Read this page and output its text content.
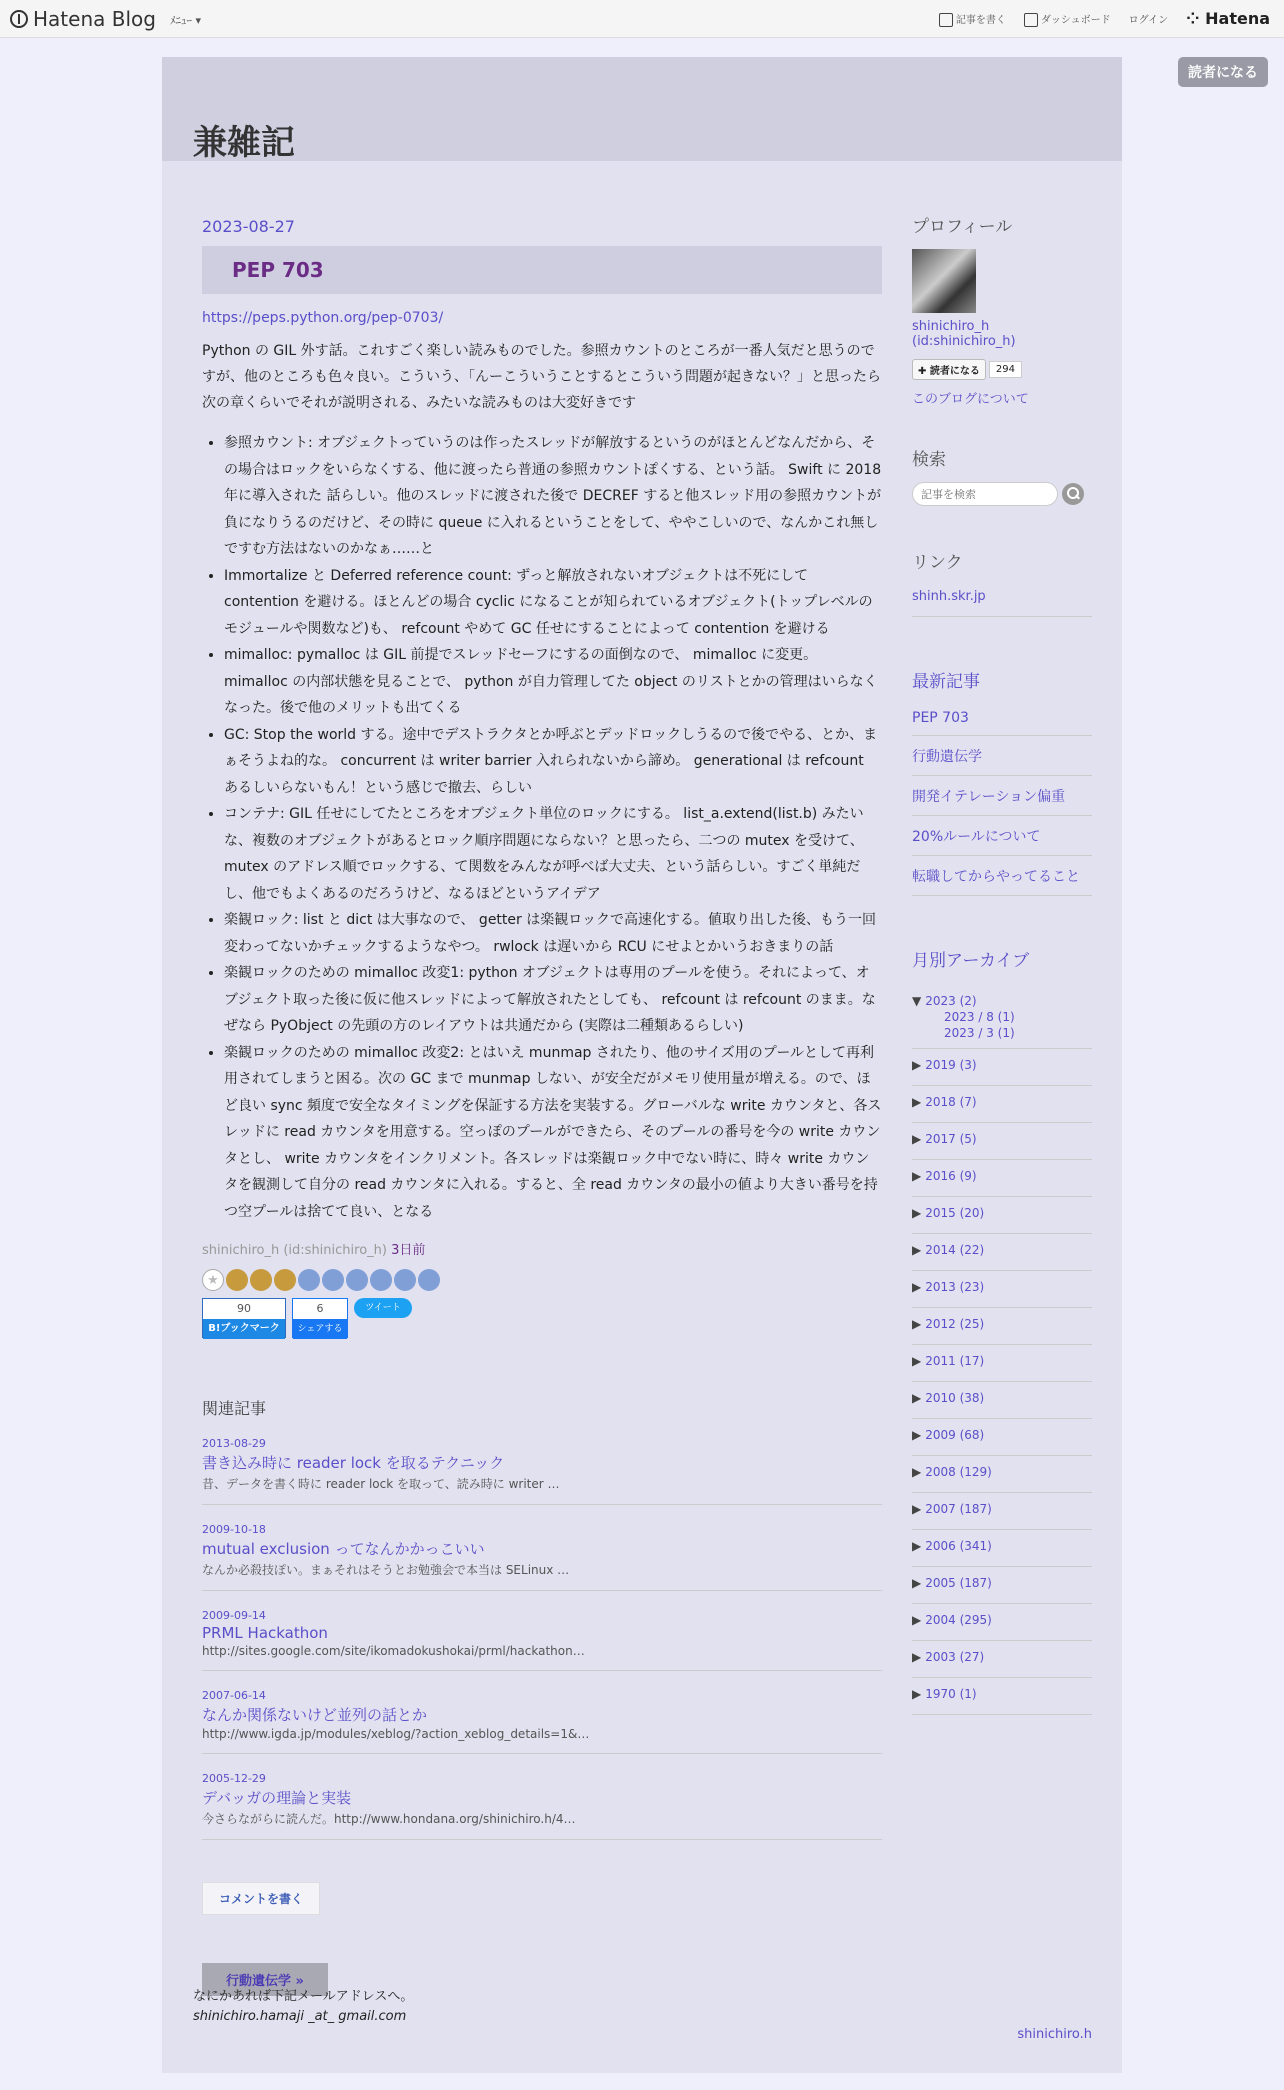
Hatena Blog ﾒﾆｭｰ ▾	記事を書く	ダッシュボード ログイン ⁘ Hatena
読者になる
兼雑記
2023-08-27
PEP 703
https://peps.python.org/pep-0703/

Python の GIL 外す話。これすごく楽しい読みものでした。参照カウントのところが一番人気だと思うのですが、他のところも色々良い。こういう、「んーこういうことするとこういう問題が起きない？」と思ったら次の章くらいでそれが説明される、みたいな読みものは大変好きです

• 参照カウント: オブジェクトっていうのは作ったスレッドが解放するというのがほとんどなんだから、その場合はロックをいらなくする、他に渡ったら普通の参照カウントぽくする、という話。 Swift に 2018 年に導入された 話らしい。他のスレッドに渡された後で DECREF すると他スレッド用の参照カウントが負になりうるのだけど、その時に queue に入れるということをして、ややこしいので、なんかこれ無しですむ方法はないのかなぁ……と
• Immortalize と Deferred reference count: ずっと解放されないオブジェクトは不死にして contention を避ける。ほとんどの場合 cyclic になることが知られているオブジェクト(トップレベルのモジュールや関数など)も、 refcount やめて GC 任せにすることによって contention を避ける
• mimalloc: pymalloc は GIL 前提でスレッドセーフにするの面倒なので、 mimalloc に変更。 mimalloc の内部状態を見ることで、 python が自力管理してた object のリストとかの管理はいらなくなった。後で他のメリットも出てくる
• GC: Stop the world する。途中でデストラクタとか呼ぶとデッドロックしうるので後でやる、とか、まぁそうよね的な。 concurrent は writer barrier 入れられないから諦め。 generational は refcount あるしいらないもん！という感じで撤去、らしい
• コンテナ: GIL 任せにしてたところをオブジェクト単位のロックにする。 list_a.extend(list.b) みたいな、複数のオブジェクトがあるとロック順序問題にならない？と思ったら、二つの mutex を受けて、 mutex のアドレス順でロックする、て関数をみんなが呼べば大丈夫、という話らしい。すごく単純だし、他でもよくあるのだろうけど、なるほどというアイデア
• 楽観ロック: list と dict は大事なので、 getter は楽観ロックで高速化する。値取り出した後、もう一回変わってないかチェックするようなやつ。 rwlock は遅いから RCU にせよとかいうおきまりの話
• 楽観ロックのための mimalloc 改変1: python オブジェクトは専用のプールを使う。それによって、オブジェクト取った後に仮に他スレッドによって解放されたとしても、 refcount は refcount のまま。なぜなら PyObject の先頭の方のレイアウトは共通だから (実際は二種類あるらしい)
• 楽観ロックのための mimalloc 改変2: とはいえ munmap されたり、他のサイズ用のプールとして再利用されてしまうと困る。次の GC まで munmap しない、が安全だがメモリ使用量が増える。ので、ほど良い sync 頻度で安全なタイミングを保証する方法を実装する。グローバルな write カウンタと、各スレッドに read カウンタを用意する。空っぽのプールができたら、そのプールの番号を今の write カウンタとし、 write カウンタをインクリメント。各スレッドは楽観ロック中でない時に、時々 write カウンタを観測して自分の read カウンタに入れる。すると、全 read カウンタの最小の値より大きい番号を持つ空プールは捨てて良い、となる
shinichiro_h (id:shinichiro_h) 3日前
★
90
B!ブックマーク
6
シェアする
ツイート
関連記事
2013-08-29
書き込み時に reader lock を取るテクニック
昔、データを書く時に reader lock を取って、読み時に writer …
2009-10-18
mutual exclusion ってなんかかっこいい
なんか必殺技ぽい。まぁそれはそうとお勉強会で本当は SELinux …
2009-09-14
PRML Hackathon
http://sites.google.com/site/ikomadokushokai/prml/hackathon…
2007-06-14
なんか関係ないけど並列の話とか
http://www.igda.jp/modules/xeblog/?action_xeblog_details=1&…
2005-12-29
デバッガの理論と実装
今さらながらに読んだ。http://www.hondana.org/shinichiro.h/4…
コメントを書く
行動遺伝学 »
なにかあれば下記メールアドレスへ。
shinichiro.hamaji _at_ gmail.com
shinichiro.h
プロフィール
shinichiro_h (id:shinichiro_h)
✚ 読者になる	294
このブログについて
検索
記事を検索
リンク
shinh.skr.jp
最新記事
PEP 703
行動遺伝学
開発イテレーション偏重
20%ルールについて
転職してからやってること
月別アーカイブ
▼ 2023 (2)
2023 / 8 (1)
2023 / 3 (1)
▶ 2019 (3)
▶ 2018 (7)
▶ 2017 (5)
▶ 2016 (9)
▶ 2015 (20)
▶ 2014 (22)
▶ 2013 (23)
▶ 2012 (25)
▶ 2011 (17)
▶ 2010 (38)
▶ 2009 (68)
▶ 2008 (129)
▶ 2007 (187)
▶ 2006 (341)
▶ 2005 (187)
▶ 2004 (295)
▶ 2003 (27)
▶ 1970 (1)
